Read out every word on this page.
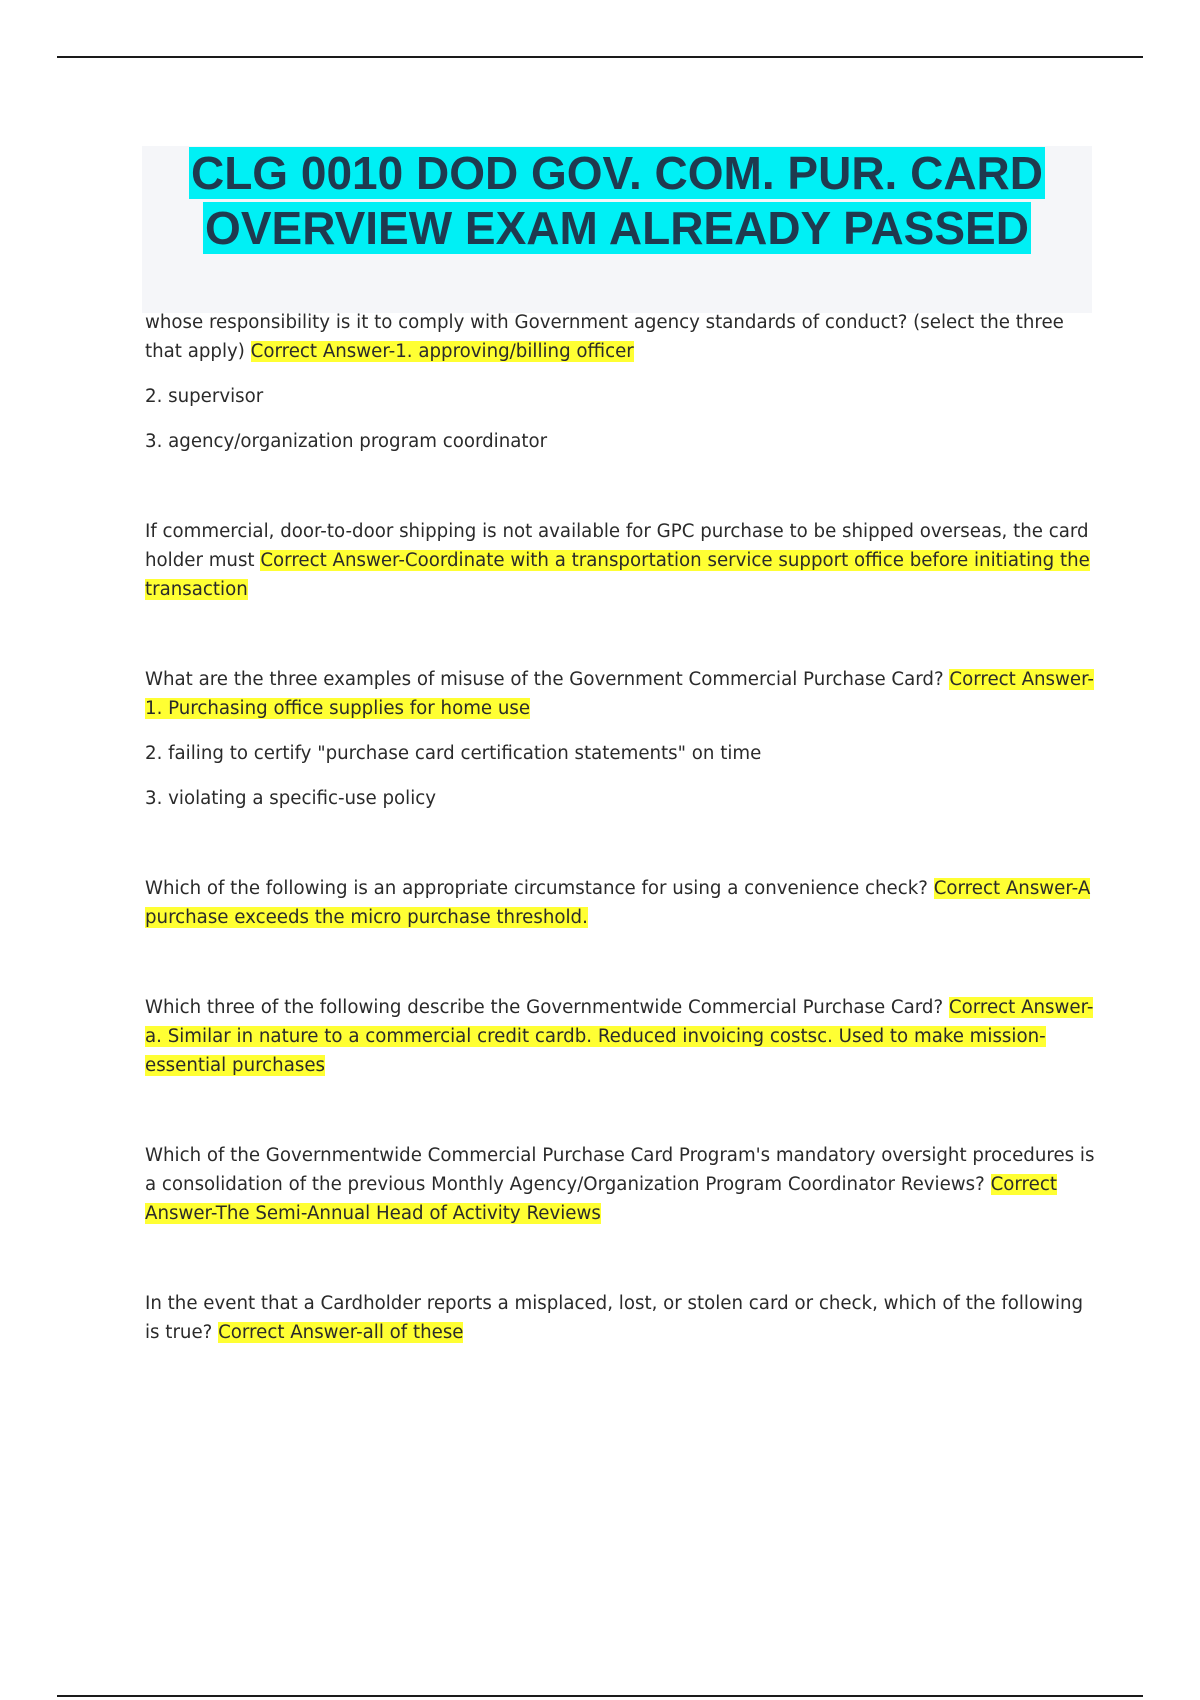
CLG 0010 DOD GOV. COM. PUR. CARD
OVERVIEW EXAM ALREADY PASSED

whose responsibility is it to comply with Government agency standards of conduct? (select the three that apply) Correct Answer-1. approving/billing officer

2. supervisor

3. agency/organization program coordinator

If commercial, door-to-door shipping is not available for GPC purchase to be shipped overseas, the card holder must Correct Answer-Coordinate with a transportation service support office before initiating the transaction

What are the three examples of misuse of the Government Commercial Purchase Card? Correct Answer-1. Purchasing office supplies for home use

2. failing to certify "purchase card certification statements" on time

3. violating a specific-use policy

Which of the following is an appropriate circumstance for using a convenience check? Correct Answer-A purchase exceeds the micro purchase threshold.

Which three of the following describe the Governmentwide Commercial Purchase Card? Correct Answer-a. Similar in nature to a commercial credit cardb. Reduced invoicing costsc. Used to make mission-essential purchases

Which of the Governmentwide Commercial Purchase Card Program's mandatory oversight procedures is a consolidation of the previous Monthly Agency/Organization Program Coordinator Reviews? Correct Answer-The Semi-Annual Head of Activity Reviews

In the event that a Cardholder reports a misplaced, lost, or stolen card or check, which of the following is true? Correct Answer-all of these
